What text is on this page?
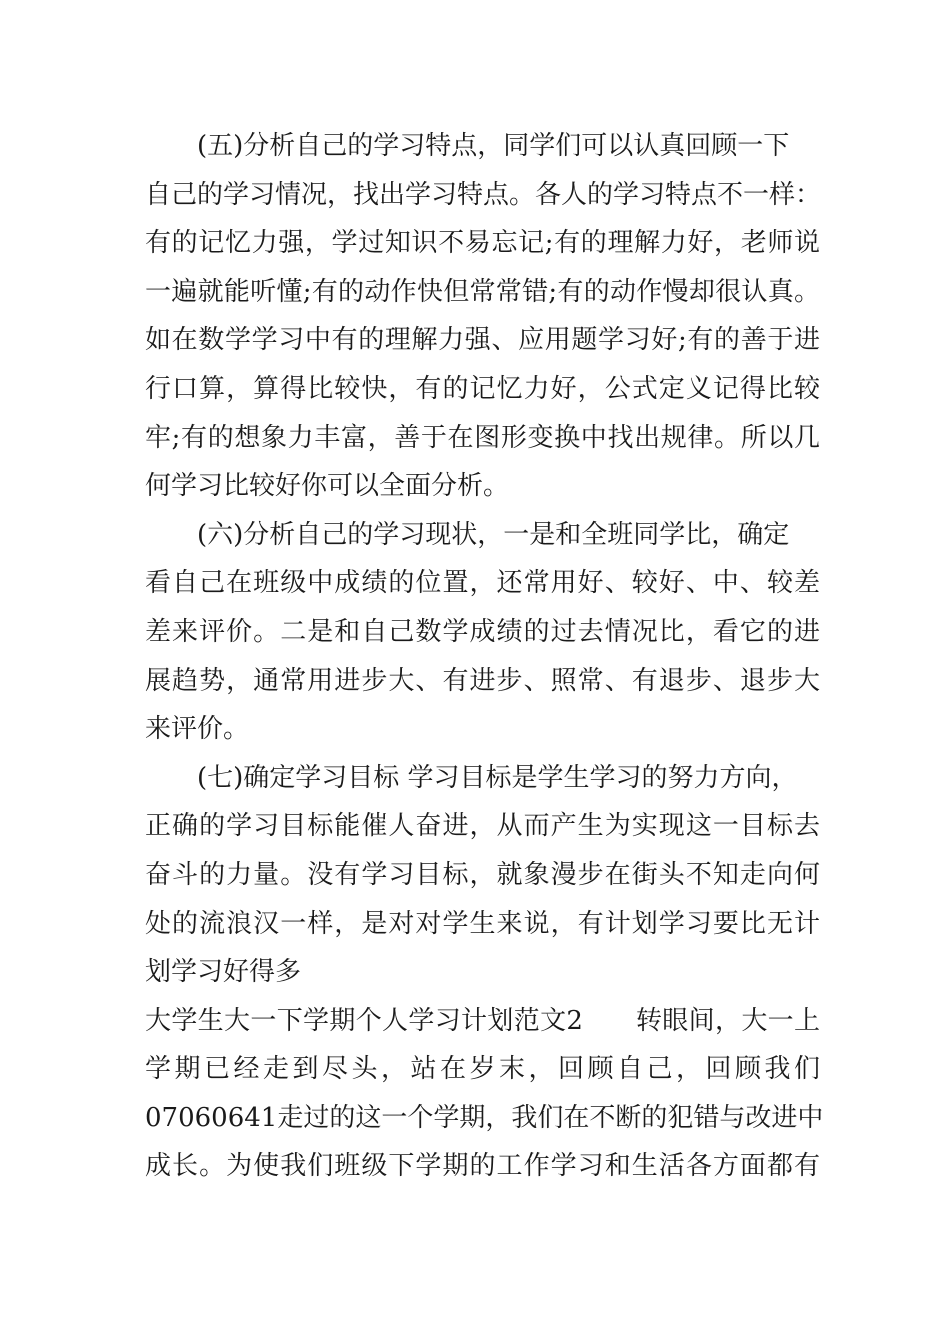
(五)分析自己的学习特点，同学们可以认真回顾一下
自己的学习情况，找出学习特点。各人的学习特点不一样：
有的记忆力强，学过知识不易忘记;有的理解力好，老师说
一遍就能听懂;有的动作快但常常错;有的动作慢却很认真。
如在数学学习中有的理解力强、应用题学习好;有的善于进
行口算，算得比较快，有的记忆力好，公式定义记得比较
牢;有的想象力丰富，善于在图形变换中找出规律。所以几
何学习比较好你可以全面分析。
(六)分析自己的学习现状，一是和全班同学比，确定
看自己在班级中成绩的位置，还常用好、较好、中、较差
差来评价。二是和自己数学成绩的过去情况比，看它的进
展趋势，通常用进步大、有进步、照常、有退步、退步大
来评价。
(七)确定学习目标 学习目标是学生学习的努力方向，
正确的学习目标能催人奋进，从而产生为实现这一目标去
奋斗的力量。没有学习目标，就象漫步在街头不知走向何
处的流浪汉一样，是对对学生来说，有计划学习要比无计
划学习好得多
大学生大一下学期个人学习计划范文2　　转眼间，大一上
学期已经走到尽头，站在岁末，回顾自己，回顾我们
07060641走过的这一个学期，我们在不断的犯错与改进中
成长。为使我们班级下学期的工作学习和生活各方面都有
